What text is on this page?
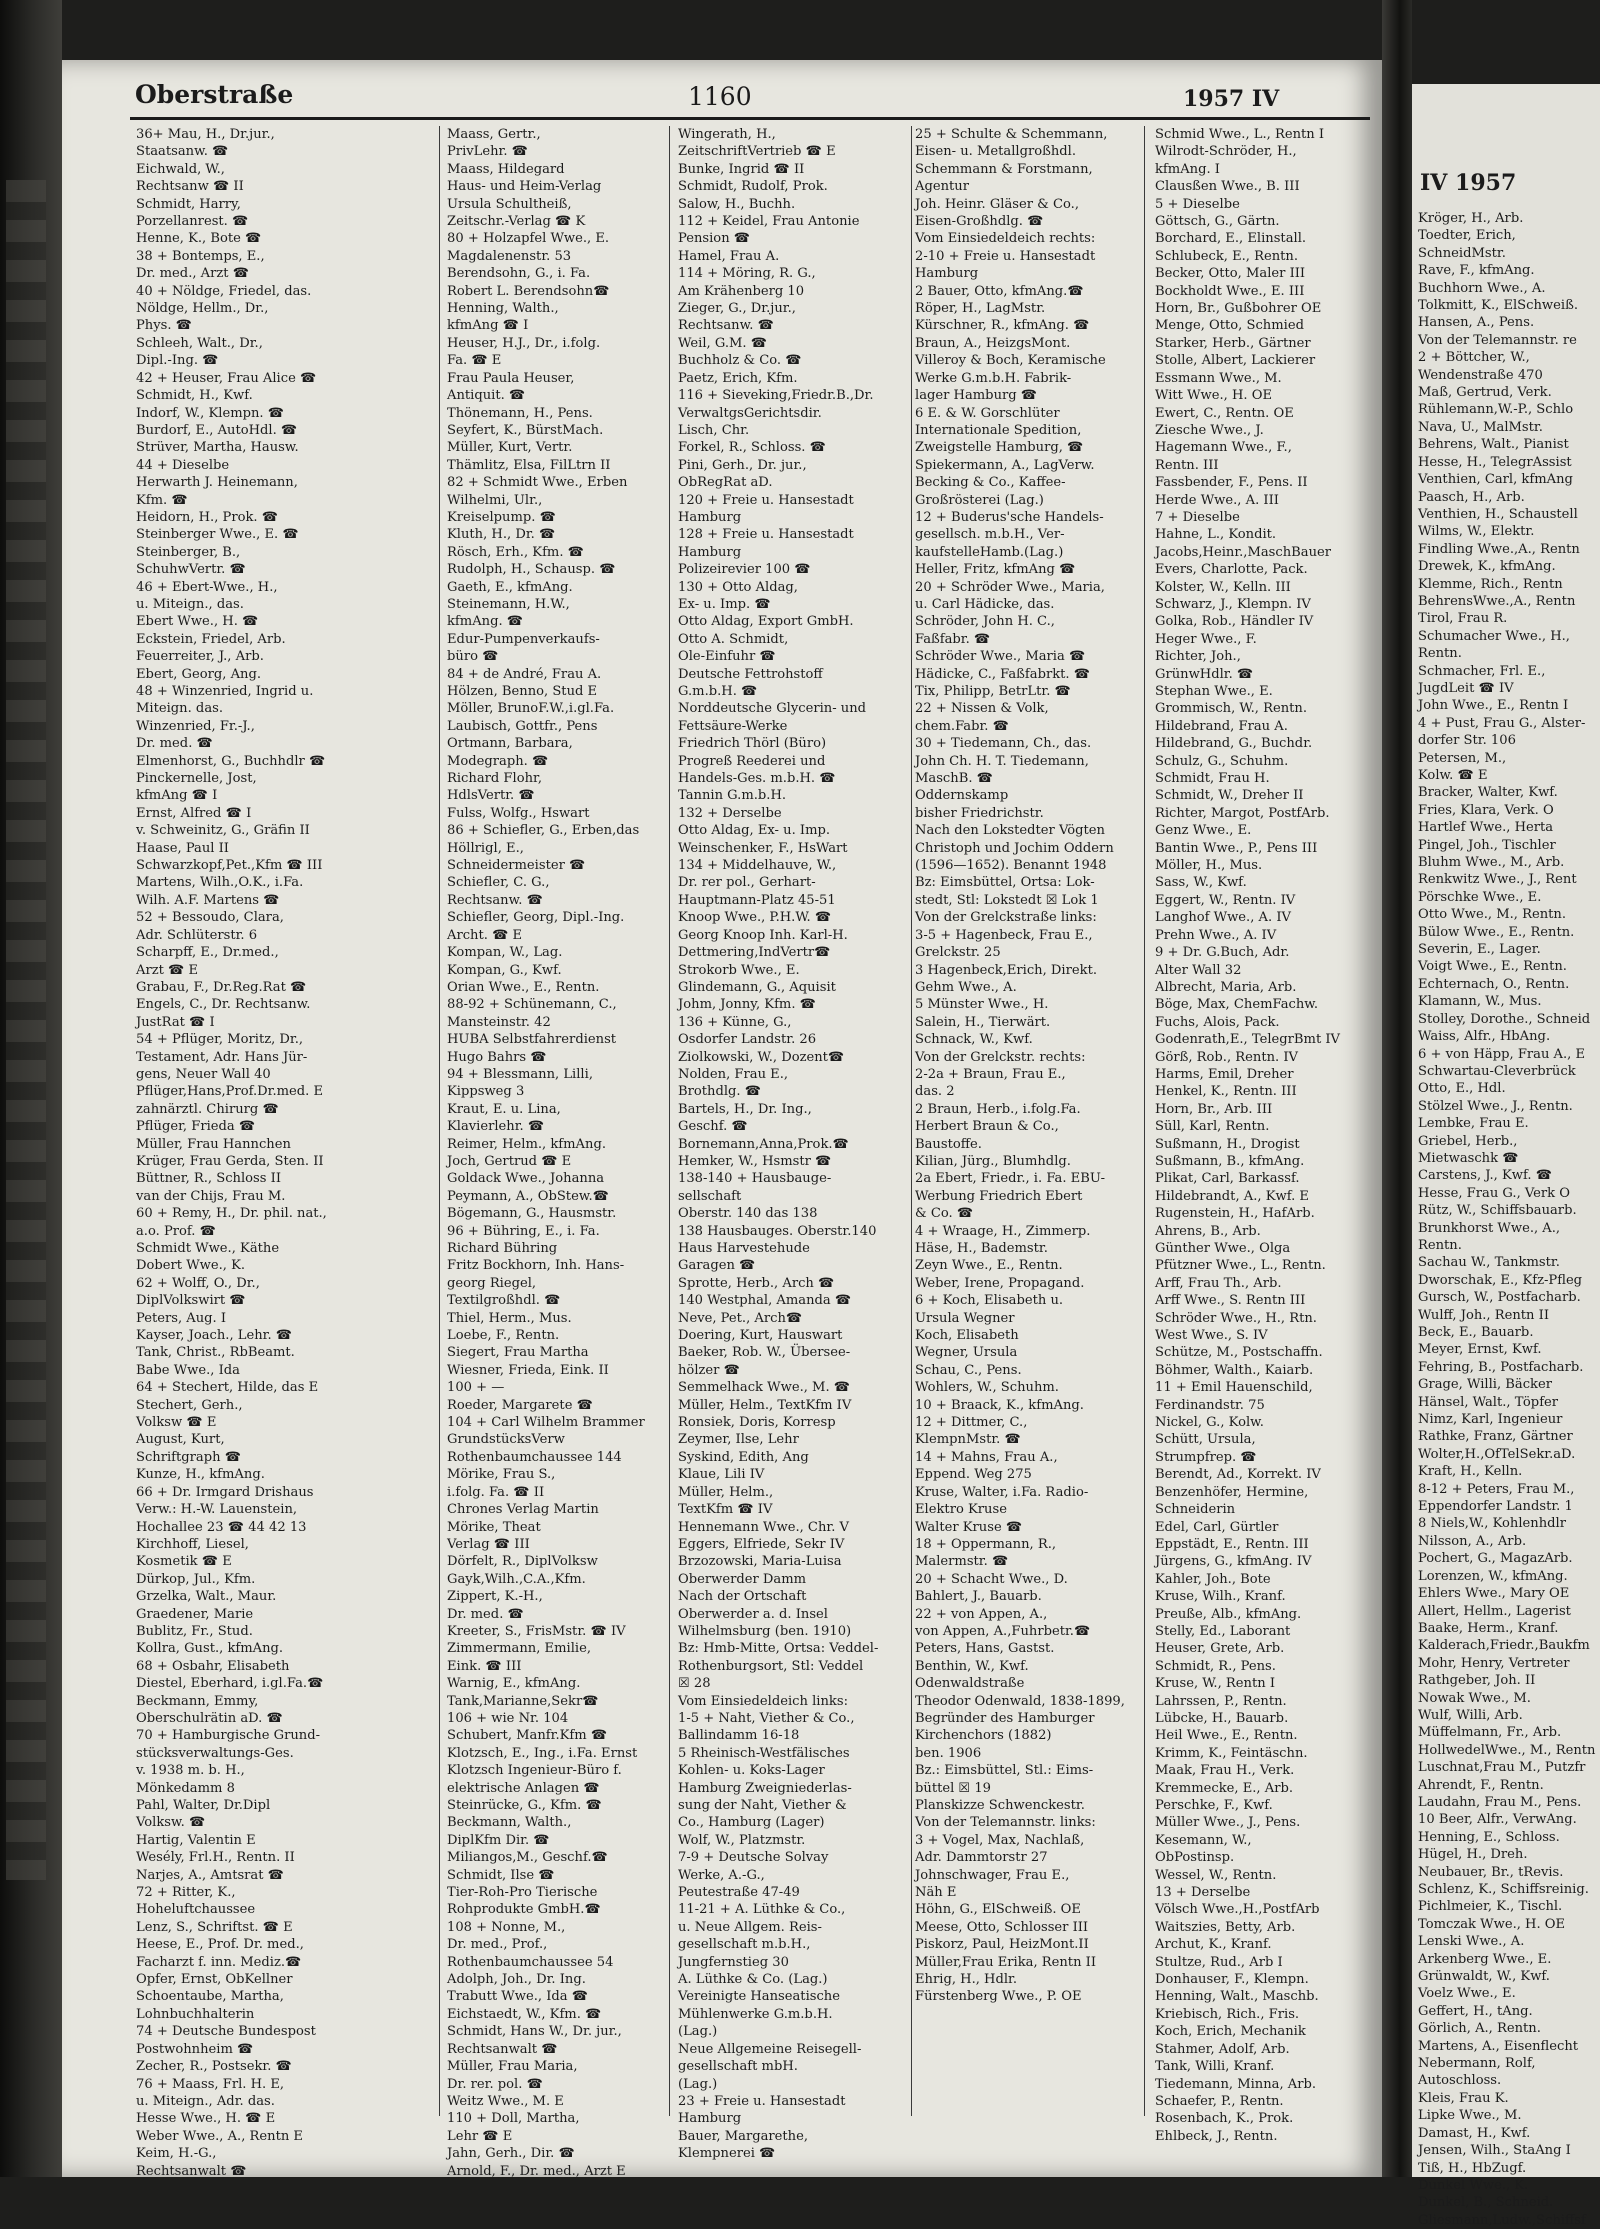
IV 1957
Kröger, H., Arb.
Toedter, Erich,
SchneidMstr.
Rave, F., kfmAng.
Buchhorn Wwe., A.
Tolkmitt, K., ElSchweiß.
Hansen, A., Pens.
Von der Telemannstr. re
2 + Böttcher, W.,
Wendenstraße 470
Maß, Gertrud, Verk.
Rühlemann,W.-P., Schlo
Nava, U., MalMstr.
Behrens, Walt., Pianist
Hesse, H., TelegrAssist
Venthien, Carl, kfmAng
Paasch, H., Arb.
Venthien, H., Schaustell
Wilms, W., Elektr.
Findling Wwe.,A., Rentn
Drewek, K., kfmAng.
Klemme, Rich., Rentn
BehrensWwe.,A., Rentn
Tirol, Frau R.
Schumacher Wwe., H.,
Rentn.
Schmacher, Frl. E.,
JugdLeit ☎ IV
John Wwe., E., Rentn I
4 + Pust, Frau G., Alster-
dorfer Str. 106
Petersen, M.,
Kolw. ☎ E
Bracker, Walter, Kwf.
Fries, Klara, Verk. O
Hartlef Wwe., Herta
Pingel, Joh., Tischler
Bluhm Wwe., M., Arb.
Renkwitz Wwe., J., Rent
Pörschke Wwe., E.
Otto Wwe., M., Rentn.
Bülow Wwe., E., Rentn.
Severin, E., Lager.
Voigt Wwe., E., Rentn.
Echternach, O., Rentn.
Klamann, W., Mus.
Stolley, Dorothe., Schneid
Waiss, Alfr., HbAng.
6 + von Häpp, Frau A., E
Schwartau-Cleverbrück
Otto, E., Hdl.
Stölzel Wwe., J., Rentn.
Lembke, Frau E.
Griebel, Herb.,
Mietwaschk ☎
Carstens, J., Kwf. ☎
Hesse, Frau G., Verk O
Rütz, W., Schiffsbauarb.
Brunkhorst Wwe., A.,
Rentn.
Sachau W., Tankmstr.
Dworschak, E., Kfz-Pfleg
Gursch, W., Postfacharb.
Wulff, Joh., Rentn II
Beck, E., Bauarb.
Meyer, Ernst, Kwf.
Fehring, B., Postfacharb.
Grage, Willi, Bäcker
Hänsel, Walt., Töpfer
Nimz, Karl, Ingenieur
Rathke, Franz, Gärtner
Wolter,H.,OfTelSekr.aD.
Kraft, H., Kelln.
8-12 + Peters, Frau M.,
Eppendorfer Landstr. 1
8 Niels,W., Kohlenhdlr
Nilsson, A., Arb.
Pochert, G., MagazArb.
Lorenzen, W., kfmAng.
Ehlers Wwe., Mary OE
Allert, Hellm., Lagerist
Baake, Herm., Kranf.
Kalderach,Friedr.,Baukfm
Mohr, Henry, Vertreter
Rathgeber, Joh. II
Nowak Wwe., M.
Wulf, Willi, Arb.
Müffelmann, Fr., Arb.
HollwedelWwe., M., Rentn
Luschnat,Frau M., Putzfr
Ahrendt, F., Rentn.
Laudahn, Frau M., Pens.
10 Beer, Alfr., VerwAng.
Henning, E., Schloss.
Hügel, H., Dreh.
Neubauer, Br., tRevis.
Schlenz, K., Schiffsreinig.
Pichlmeier, K., Tischl.
Tomczak Wwe., H. OE
Lenski Wwe., A.
Arkenberg Wwe., E.
Grünwaldt, W., Kwf.
Voelz Wwe., E.
Geffert, H., tAng.
Görlich, A., Rentn.
Martens, A., Eisenflecht
Nebermann, Rolf,
Autoschloss.
Kleis, Frau K.
Lipke Wwe., M.
Damast, H., Kwf.
Jensen, Wilh., StaAng I
Tiß, H., HbZugf.
Dunkel Wwe., K.
Dunkel, B., Schneid.
Gliesmann,Ludw.,Schiffsf
Oberstraße	1160	1957 IV
36+ Mau, H., Dr.jur.,
Staatsanw. ☎
Eichwald, W.,
Rechtsanw ☎ II
Schmidt, Harry,
Porzellanrest. ☎
Henne, K., Bote ☎
38 + Bontemps, E.,
Dr. med., Arzt ☎
40 + Nöldge, Friedel, das.
Nöldge, Hellm., Dr.,
Phys. ☎
Schleeh, Walt., Dr.,
Dipl.-Ing. ☎
42 + Heuser, Frau Alice ☎
Schmidt, H., Kwf.
Indorf, W., Klempn. ☎
Burdorf, E., AutoHdl. ☎
Strüver, Martha, Hausw.
44 + Dieselbe
Herwarth J. Heinemann,
Kfm. ☎
Heidorn, H., Prok. ☎
Steinberger Wwe., E. ☎
Steinberger, B.,
SchuhwVertr. ☎
46 + Ebert-Wwe., H.,
u. Miteign., das.
Ebert Wwe., H. ☎
Eckstein, Friedel, Arb.
Feuerreiter, J., Arb.
Ebert, Georg, Ang.
48 + Winzenried, Ingrid u.
Miteign. das.
Winzenried, Fr.-J.,
Dr. med. ☎
Elmenhorst, G., Buchhdlr ☎
Pinckernelle, Jost,
kfmAng ☎ I
Ernst, Alfred ☎ I
v. Schweinitz, G., Gräfin II
Haase, Paul II
Schwarzkopf,Pet.,Kfm ☎ III
Martens, Wilh.,O.K., i.Fa.
Wilh. A.F. Martens ☎
52 + Bessoudo, Clara,
Adr. Schlüterstr. 6
Scharpff, E., Dr.med.,
Arzt ☎ E
Grabau, F., Dr.Reg.Rat ☎
Engels, C., Dr. Rechtsanw.
JustRat ☎ I
54 + Pflüger, Moritz, Dr.,
Testament, Adr. Hans Jür-
gens, Neuer Wall 40
Pflüger,Hans,Prof.Dr.med. E
zahnärztl. Chirurg ☎
Pflüger, Frieda ☎
Müller, Frau Hannchen
Krüger, Frau Gerda, Sten. II
Büttner, R., Schloss II
van der Chijs, Frau M.
60 + Remy, H., Dr. phil. nat.,
a.o. Prof. ☎
Schmidt Wwe., Käthe
Dobert Wwe., K.
62 + Wolff, O., Dr.,
DiplVolkswirt ☎
Peters, Aug. I
Kayser, Joach., Lehr. ☎
Tank, Christ., RbBeamt.
Babe Wwe., Ida
64 + Stechert, Hilde, das E
Stechert, Gerh.,
Volksw ☎ E
August, Kurt,
Schriftgraph ☎
Kunze, H., kfmAng.
66 + Dr. Irmgard Drishaus
Verw.: H.-W. Lauenstein,
Hochallee 23 ☎ 44 42 13
Kirchhoff, Liesel,
Kosmetik ☎ E
Dürkop, Jul., Kfm.
Grzelka, Walt., Maur.
Graedener, Marie
Bublitz, Fr., Stud.
Kollra, Gust., kfmAng.
68 + Osbahr, Elisabeth
Diestel, Eberhard, i.gl.Fa.☎
Beckmann, Emmy,
Oberschulrätin aD. ☎
70 + Hamburgische Grund-
stücksverwaltungs-Ges.
v. 1938 m. b. H.,
Mönkedamm 8
Pahl, Walter, Dr.Dipl
Volksw. ☎
Hartig, Valentin E
Wesély, Frl.H., Rentn. II
Narjes, A., Amtsrat ☎
72 + Ritter, K.,
Hoheluftchaussee
Lenz, S., Schriftst. ☎ E
Heese, E., Prof. Dr. med.,
Facharzt f. inn. Mediz.☎
Opfer, Ernst, ObKellner
Schoentaube, Martha,
Lohnbuchhalterin
74 + Deutsche Bundespost
Postwohnheim ☎
Zecher, R., Postsekr. ☎
76 + Maass, Frl. H. E,
u. Miteign., Adr. das.
Hesse Wwe., H. ☎ E
Weber Wwe., A., Rentn E
Keim, H.-G.,
Rechtsanwalt ☎
Maass, Gertr.,
PrivLehr. ☎
Maass, Hildegard
Haus- und Heim-Verlag
Ursula Schultheiß,
Zeitschr.-Verlag ☎ K
80 + Holzapfel Wwe., E.
Magdalenenstr. 53
Berendsohn, G., i. Fa.
Robert L. Berendsohn☎
Henning, Walth.,
kfmAng ☎ I
Heuser, H.J., Dr., i.folg.
Fa. ☎ E
Frau Paula Heuser,
Antiquit. ☎
Thönemann, H., Pens.
Seyfert, K., BürstMach.
Müller, Kurt, Vertr.
Thämlitz, Elsa, FilLtrn II
82 + Schmidt Wwe., Erben
Wilhelmi, Ulr.,
Kreiselpump. ☎
Kluth, H., Dr. ☎
Rösch, Erh., Kfm. ☎
Rudolph, H., Schausp. ☎
Gaeth, E., kfmAng.
Steinemann, H.W.,
kfmAng. ☎
Edur-Pumpenverkaufs-
büro ☎
84 + de André, Frau A.
Hölzen, Benno, Stud E
Möller, BrunoF.W.,i.gl.Fa.
Laubisch, Gottfr., Pens
Ortmann, Barbara,
Modegraph. ☎
Richard Flohr,
HdlsVertr. ☎
Fulss, Wolfg., Hswart
86 + Schiefler, G., Erben,das
Höllrigl, E.,
Schneidermeister ☎
Schiefler, C. G.,
Rechtsanw. ☎
Schiefler, Georg, Dipl.-Ing.
Archt. ☎ E
Kompan, W., Lag.
Kompan, G., Kwf.
Orian Wwe., E., Rentn.
88-92 + Schünemann, C.,
Mansteinstr. 42
HUBA Selbstfahrerdienst
Hugo Bahrs ☎
94 + Blessmann, Lilli,
Kippsweg 3
Kraut, E. u. Lina,
Klavierlehr. ☎
Reimer, Helm., kfmAng.
Joch, Gertrud ☎ E
Goldack Wwe., Johanna
Peymann, A., ObStew.☎
Bögemann, G., Hausmstr.
96 + Bühring, E., i. Fa.
Richard Bühring
Fritz Bockhorn, Inh. Hans-
georg Riegel,
Textilgroßhdl. ☎
Thiel, Herm., Mus.
Loebe, F., Rentn.
Siegert, Frau Martha
Wiesner, Frieda, Eink. II
100 + —
Roeder, Margarete ☎
104 + Carl Wilhelm Brammer
GrundstücksVerw
Rothenbaumchaussee 144
Mörike, Frau S.,
i.folg. Fa. ☎ II
Chrones Verlag Martin
Mörike, Theat
Verlag ☎ III
Dörfelt, R., DiplVolksw
Gayk,Wilh.,C.A.,Kfm.
Zippert, K.-H.,
Dr. med. ☎
Kreeter, S., FrisMstr. ☎ IV
Zimmermann, Emilie,
Eink. ☎ III
Warnig, E., kfmAng.
Tank,Marianne,Sekr☎
106 + wie Nr. 104
Schubert, Manfr.Kfm ☎
Klotzsch, E., Ing., i.Fa. Ernst
Klotzsch Ingenieur-Büro f.
elektrische Anlagen ☎
Steinrücke, G., Kfm. ☎
Beckmann, Walth.,
DiplKfm Dir. ☎
Miliangos,M., Geschf.☎
Schmidt, Ilse ☎
Tier-Roh-Pro Tierische
Rohprodukte GmbH.☎
108 + Nonne, M.,
Dr. med., Prof.,
Rothenbaumchaussee 54
Adolph, Joh., Dr. Ing.
Trabutt Wwe., Ida ☎
Eichstaedt, W., Kfm. ☎
Schmidt, Hans W., Dr. jur.,
Rechtsanwalt ☎
Müller, Frau Maria,
Dr. rer. pol. ☎
Weitz Wwe., M. E
110 + Doll, Martha,
Lehr ☎ E
Jahn, Gerh., Dir. ☎
Arnold, F., Dr. med., Arzt E
Wingerath, H.,
ZeitschriftVertrieb ☎ E
Bunke, Ingrid ☎ II
Schmidt, Rudolf, Prok.
Salow, H., Buchh.
112 + Keidel, Frau Antonie
Pension ☎
Hamel, Frau A.
114 + Möring, R. G.,
Am Krähenberg 10
Zieger, G., Dr.jur.,
Rechtsanw. ☎
Weil, G.M. ☎
Buchholz & Co. ☎
Paetz, Erich, Kfm.
116 + Sieveking,Friedr.B.,Dr.
VerwaltgsGerichtsdir.
Lisch, Chr.
Forkel, R., Schloss. ☎
Pini, Gerh., Dr. jur.,
ObRegRat aD.
120 + Freie u. Hansestadt
Hamburg
128 + Freie u. Hansestadt
Hamburg
Polizeirevier 100 ☎
130 + Otto Aldag,
Ex- u. Imp. ☎
Otto Aldag, Export GmbH.
Otto A. Schmidt,
Ole-Einfuhr ☎
Deutsche Fettrohstoff
G.m.b.H. ☎
Norddeutsche Glycerin- und
Fettsäure-Werke
Friedrich Thörl (Büro)
Progreß Reederei und
Handels-Ges. m.b.H. ☎
Tannin G.m.b.H.
132 + Derselbe
Otto Aldag, Ex- u. Imp.
Weinschenker, F., HsWart
134 + Middelhauve, W.,
Dr. rer pol., Gerhart-
Hauptmann-Platz 45-51
Knoop Wwe., P.H.W. ☎
Georg Knoop Inh. Karl-H.
Dettmering,IndVertr☎
Strokorb Wwe., E.
Glindemann, G., Aquisit
Johm, Jonny, Kfm. ☎
136 + Künne, G.,
Osdorfer Landstr. 26
Ziolkowski, W., Dozent☎
Nolden, Frau E.,
Brothdlg. ☎
Bartels, H., Dr. Ing.,
Geschf. ☎
Bornemann,Anna,Prok.☎
Hemker, W., Hsmstr ☎
138-140 + Hausbauge-
sellschaft
Oberstr. 140 das 138
138 Hausbauges. Oberstr.140
Haus Harvestehude
Garagen ☎
Sprotte, Herb., Arch ☎
140 Westphal, Amanda ☎
Neve, Pet., Arch☎
Doering, Kurt, Hauswart
Baeker, Rob. W., Übersee-
hölzer ☎
Semmelhack Wwe., M. ☎
Müller, Helm., TextKfm IV
Ronsiek, Doris, Korresp
Zeymer, Ilse, Lehr
Syskind, Edith, Ang
Klaue, Lili IV
Müller, Helm.,
TextKfm ☎ IV
Hennemann Wwe., Chr. V
Eggers, Elfriede, Sekr IV
Brzozowski, Maria-Luisa
Oberwerder Damm
Nach der Ortschaft
Oberwerder a. d. Insel
Wilhelmsburg (ben. 1910)
Bz: Hmb-Mitte, Ortsa: Veddel-
Rothenburgsort, Stl: Veddel
☒ 28
Vom Einsiedeldeich links:
1-5 + Naht, Viether & Co.,
Ballindamm 16-18
5 Rheinisch-Westfälisches
Kohlen- u. Koks-Lager
Hamburg Zweigniederlas-
sung der Naht, Viether &
Co., Hamburg (Lager)
Wolf, W., Platzmstr.
7-9 + Deutsche Solvay
Werke, A.-G.,
Peutestraße 47-49
11-21 + A. Lüthke & Co.,
u. Neue Allgem. Reis-
gesellschaft m.b.H.,
Jungfernstieg 30
A. Lüthke & Co. (Lag.)
Vereinigte Hanseatische
Mühlenwerke G.m.b.H.
(Lag.)
Neue Allgemeine Reisegell-
gesellschaft mbH.
(Lag.)
23 + Freie u. Hansestadt
Hamburg
Bauer, Margarethe,
Klempnerei ☎
25 + Schulte & Schemmann,
Eisen- u. Metallgroßhdl.
Schemmann & Forstmann,
Agentur
Joh. Heinr. Gläser & Co.,
Eisen-Großhdlg. ☎
Vom Einsiedeldeich rechts:
2-10 + Freie u. Hansestadt
Hamburg
2 Bauer, Otto, kfmAng.☎
Röper, H., LagMstr.
Kürschner, R., kfmAng. ☎
Braun, A., HeizgsMont.
Villeroy & Boch, Keramische
Werke G.m.b.H. Fabrik-
lager Hamburg ☎
6 E. & W. Gorschlüter
Internationale Spedition,
Zweigstelle Hamburg, ☎
Spiekermann, A., LagVerw.
Becking & Co., Kaffee-
Großrösterei (Lag.)
12 + Buderus'sche Handels-
gesellsch. m.b.H., Ver-
kaufstelleHamb.(Lag.)
Heller, Fritz, kfmAng ☎
20 + Schröder Wwe., Maria,
u. Carl Hädicke, das.
Schröder, John H. C.,
Faßfabr. ☎
Schröder Wwe., Maria ☎
Hädicke, C., Faßfabrkt. ☎
Tix, Philipp, BetrLtr. ☎
22 + Nissen & Volk,
chem.Fabr. ☎
30 + Tiedemann, Ch., das.
John Ch. H. T. Tiedemann,
MaschB. ☎
Oddernskamp
bisher Friedrichstr.
Nach den Lokstedter Vögten
Christoph und Jochim Oddern
(1596—1652). Benannt 1948
Bz: Eimsbüttel, Ortsa: Lok-
stedt, Stl: Lokstedt ☒ Lok 1
Von der Grelckstraße links:
3-5 + Hagenbeck, Frau E.,
Grelckstr. 25
3 Hagenbeck,Erich, Direkt.
Gehm Wwe., A.
5 Münster Wwe., H.
Salein, H., Tierwärt.
Schnack, W., Kwf.
Von der Grelckstr. rechts:
2-2a + Braun, Frau E.,
das. 2
2 Braun, Herb., i.folg.Fa.
Herbert Braun & Co.,
Baustoffe.
Kilian, Jürg., Blumhdlg.
2a Ebert, Friedr., i. Fa. EBU-
Werbung Friedrich Ebert
& Co. ☎
4 + Wraage, H., Zimmerp.
Häse, H., Bademstr.
Zeyn Wwe., E., Rentn.
Weber, Irene, Propagand.
6 + Koch, Elisabeth u.
Ursula Wegner
Koch, Elisabeth
Wegner, Ursula
Schau, C., Pens.
Wohlers, W., Schuhm.
10 + Braack, K., kfmAng.
12 + Dittmer, C.,
KlempnMstr. ☎
14 + Mahns, Frau A.,
Eppend. Weg 275
Kruse, Walter, i.Fa. Radio-
Elektro Kruse
Walter Kruse ☎
18 + Oppermann, R.,
Malermstr. ☎
20 + Schacht Wwe., D.
Bahlert, J., Bauarb.
22 + von Appen, A.,
von Appen, A.,Fuhrbetr.☎
Peters, Hans, Gastst.
Benthin, W., Kwf.
Odenwaldstraße
Theodor Odenwald, 1838-1899,
Begründer des Hamburger
Kirchenchors (1882)
ben. 1906
Bz.: Eimsbüttel, Stl.: Eims-
büttel ☒ 19
Planskizze Schwenckestr.
Von der Telemannstr. links:
3 + Vogel, Max, Nachlaß,
Adr. Dammtorstr 27
Johnschwager, Frau E.,
Näh E
Höhn, G., ElSchweiß. OE
Meese, Otto, Schlosser III
Piskorz, Paul, HeizMont.II
Müller,Frau Erika, Rentn II
Ehrig, H., Hdlr.
Fürstenberg Wwe., P. OE
Schmid Wwe., L., Rentn I
Wilrodt-Schröder, H.,
kfmAng. I
Clausßen Wwe., B. III
5 + Dieselbe
Göttsch, G., Gärtn.
Borchard, E., Elinstall.
Schlubeck, E., Rentn.
Becker, Otto, Maler III
Bockholdt Wwe., E. III
Horn, Br., Gußbohrer OE
Menge, Otto, Schmied
Starker, Herb., Gärtner
Stolle, Albert, Lackierer
Essmann Wwe., M.
Witt Wwe., H. OE
Ewert, C., Rentn. OE
Ziesche Wwe., J.
Hagemann Wwe., F.,
Rentn. III
Fassbender, F., Pens. II
Herde Wwe., A. III
7 + Dieselbe
Hahne, L., Kondit.
Jacobs,Heinr.,MaschBauer
Evers, Charlotte, Pack.
Kolster, W., Kelln. III
Schwarz, J., Klempn. IV
Golka, Rob., Händler IV
Heger Wwe., F.
Richter, Joh.,
GrünwHdlr. ☎
Stephan Wwe., E.
Grommisch, W., Rentn.
Hildebrand, Frau A.
Hildebrand, G., Buchdr.
Schulz, G., Schuhm.
Schmidt, Frau H.
Schmidt, W., Dreher II
Richter, Margot, PostfArb.
Genz Wwe., E.
Bantin Wwe., P., Pens III
Möller, H., Mus.
Sass, W., Kwf.
Eggert, W., Rentn. IV
Langhof Wwe., A. IV
Prehn Wwe., A. IV
9 + Dr. G.Buch, Adr.
Alter Wall 32
Albrecht, Maria, Arb.
Böge, Max, ChemFachw.
Fuchs, Alois, Pack.
Godenrath,E., TelegrBmt IV
Görß, Rob., Rentn. IV
Harms, Emil, Dreher
Henkel, K., Rentn. III
Horn, Br., Arb. III
Süll, Karl, Rentn.
Sußmann, H., Drogist
Sußmann, B., kfmAng.
Plikat, Carl, Barkassf.
Hildebrandt, A., Kwf. E
Rugenstein, H., HafArb.
Ahrens, B., Arb.
Günther Wwe., Olga
Pfützner Wwe., L., Rentn.
Arff, Frau Th., Arb.
Arff Wwe., S. Rentn III
Schröder Wwe., H., Rtn.
West Wwe., S. IV
Schütze, M., Postschaffn.
Böhmer, Walth., Kaiarb.
11 + Emil Hauenschild,
Ferdinandstr. 75
Nickel, G., Kolw.
Schütt, Ursula,
Strumpfrep. ☎
Berendt, Ad., Korrekt. IV
Benzenhöfer, Hermine,
Schneiderin
Edel, Carl, Gürtler
Eppstädt, E., Rentn. III
Jürgens, G., kfmAng. IV
Kahler, Joh., Bote
Kruse, Wilh., Kranf.
Preuße, Alb., kfmAng.
Stelly, Ed., Laborant
Heuser, Grete, Arb.
Schmidt, R., Pens.
Kruse, W., Rentn I
Lahrssen, P., Rentn.
Lübcke, H., Bauarb.
Heil Wwe., E., Rentn.
Krimm, K., Feintäschn.
Maak, Frau H., Verk.
Kremmecke, E., Arb.
Perschke, F., Kwf.
Müller Wwe., J., Pens.
Kesemann, W.,
ObPostinsp.
Wessel, W., Rentn.
13 + Derselbe
Völsch Wwe.,H.,PostfArb
Waitszies, Betty, Arb.
Archut, K., Kranf.
Stultze, Rud., Arb I
Donhauser, F., Klempn.
Henning, Walt., Maschb.
Kriebisch, Rich., Fris.
Koch, Erich, Mechanik
Stahmer, Adolf, Arb.
Tank, Willi, Kranf.
Tiedemann, Minna, Arb.
Schaefer, P., Rentn.
Rosenbach, K., Prok.
Ehlbeck, J., Rentn.
